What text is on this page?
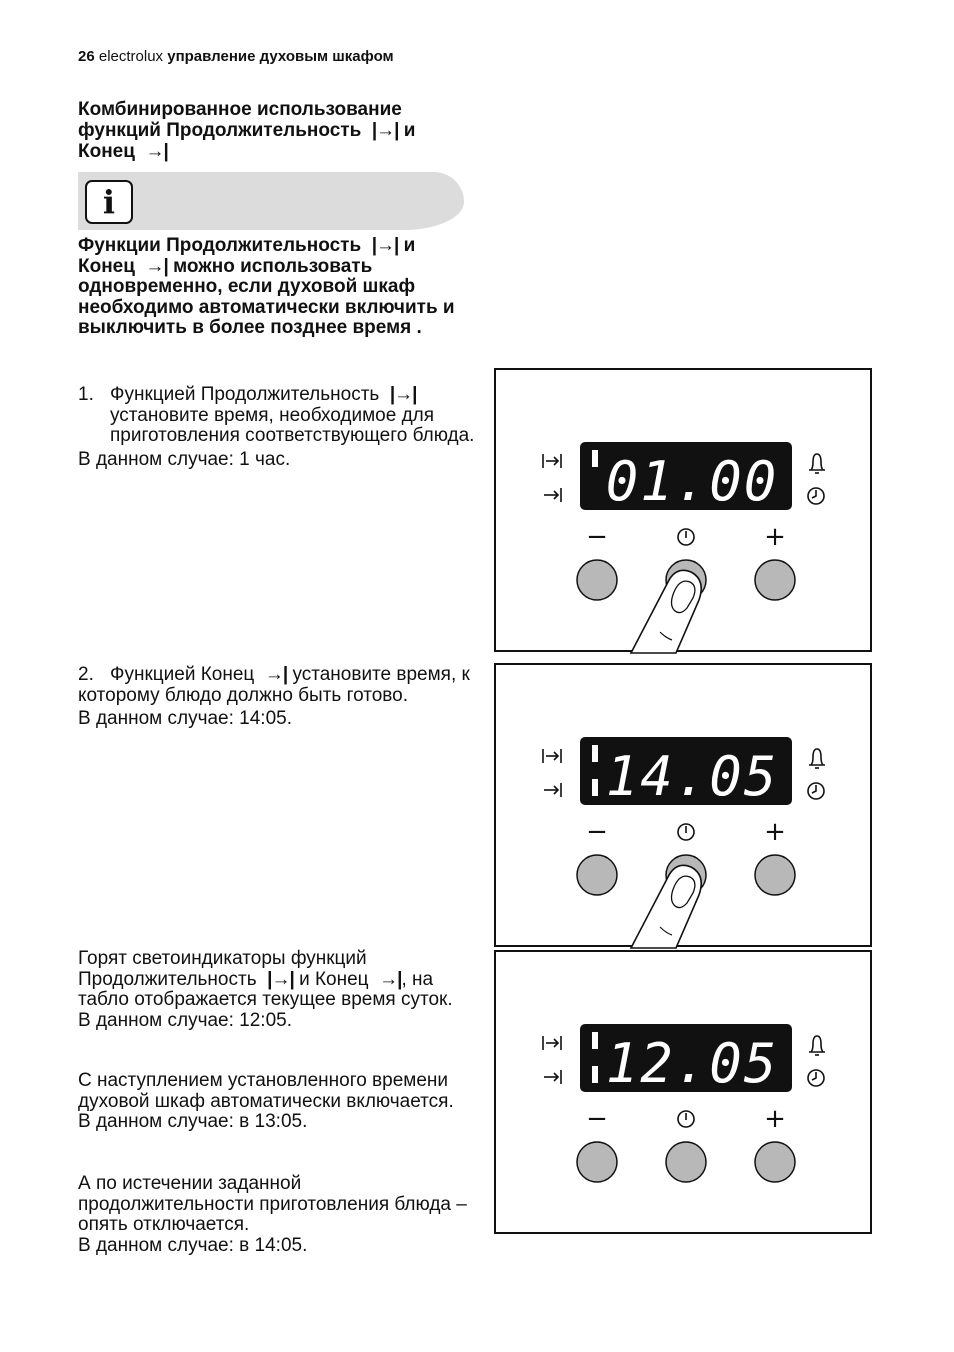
26 electrolux управление духовым шкафом
Комбинированное использование
функций Продолжительность |→| и
Конец →|
i
Функции Продолжительность |→| и
Конец →| можно использовать одновременно, если духовой шкаф необходимо автоматически включить и выключить в более позднее время .
1. Функцией Продолжительность |→|
установите время, необходимое для приготовления соответствующего блюда.
В данном случае: 1 час.
2. Функцией Конец →| установите время, к которому блюдо должно быть готово.
В данном случае: 14:05.
Горят светоиндикаторы функций Продолжительность |→| и Конец →|, на табло отображается текущее время суток.
В данном случае: 12:05.
С наступлением установленного времени духовой шкаф автоматически включается.
В данном случае: в 13:05.
А по истечении заданной продолжительности приготовления блюда – опять отключается.
В данном случае: в 14:05.
01.00
−	+
14.05
−	+
12.05
−	+
